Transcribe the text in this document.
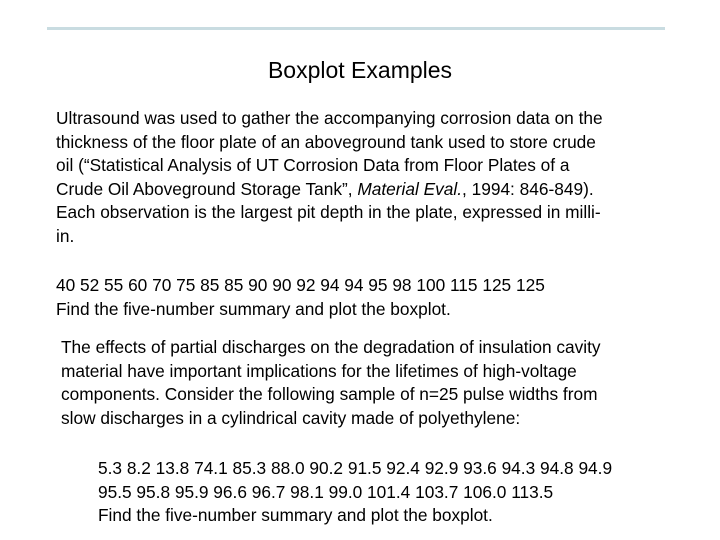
Boxplot Examples
Ultrasound was used to gather the accompanying corrosion data on the
thickness of the floor plate of an aboveground tank used to store crude
oil (“Statistical Analysis of UT Corrosion Data from Floor Plates of a
Crude Oil Aboveground Storage Tank”, Material Eval., 1994: 846-849).
Each observation is the largest pit depth in the plate, expressed in milli-
in.
40 52 55 60 70 75 85 85 90 90 92 94 94 95 98 100 115 125 125
Find the five-number summary and plot the boxplot.
The effects of partial discharges on the degradation of insulation cavity
material have important implications for the lifetimes of high-voltage
components. Consider the following sample of n=25 pulse widths from
slow discharges in a cylindrical cavity made of polyethylene:
5.3 8.2 13.8 74.1 85.3 88.0 90.2 91.5 92.4 92.9 93.6 94.3 94.8 94.9
95.5 95.8 95.9 96.6 96.7 98.1 99.0 101.4 103.7 106.0 113.5
Find the five-number summary and plot the boxplot.
